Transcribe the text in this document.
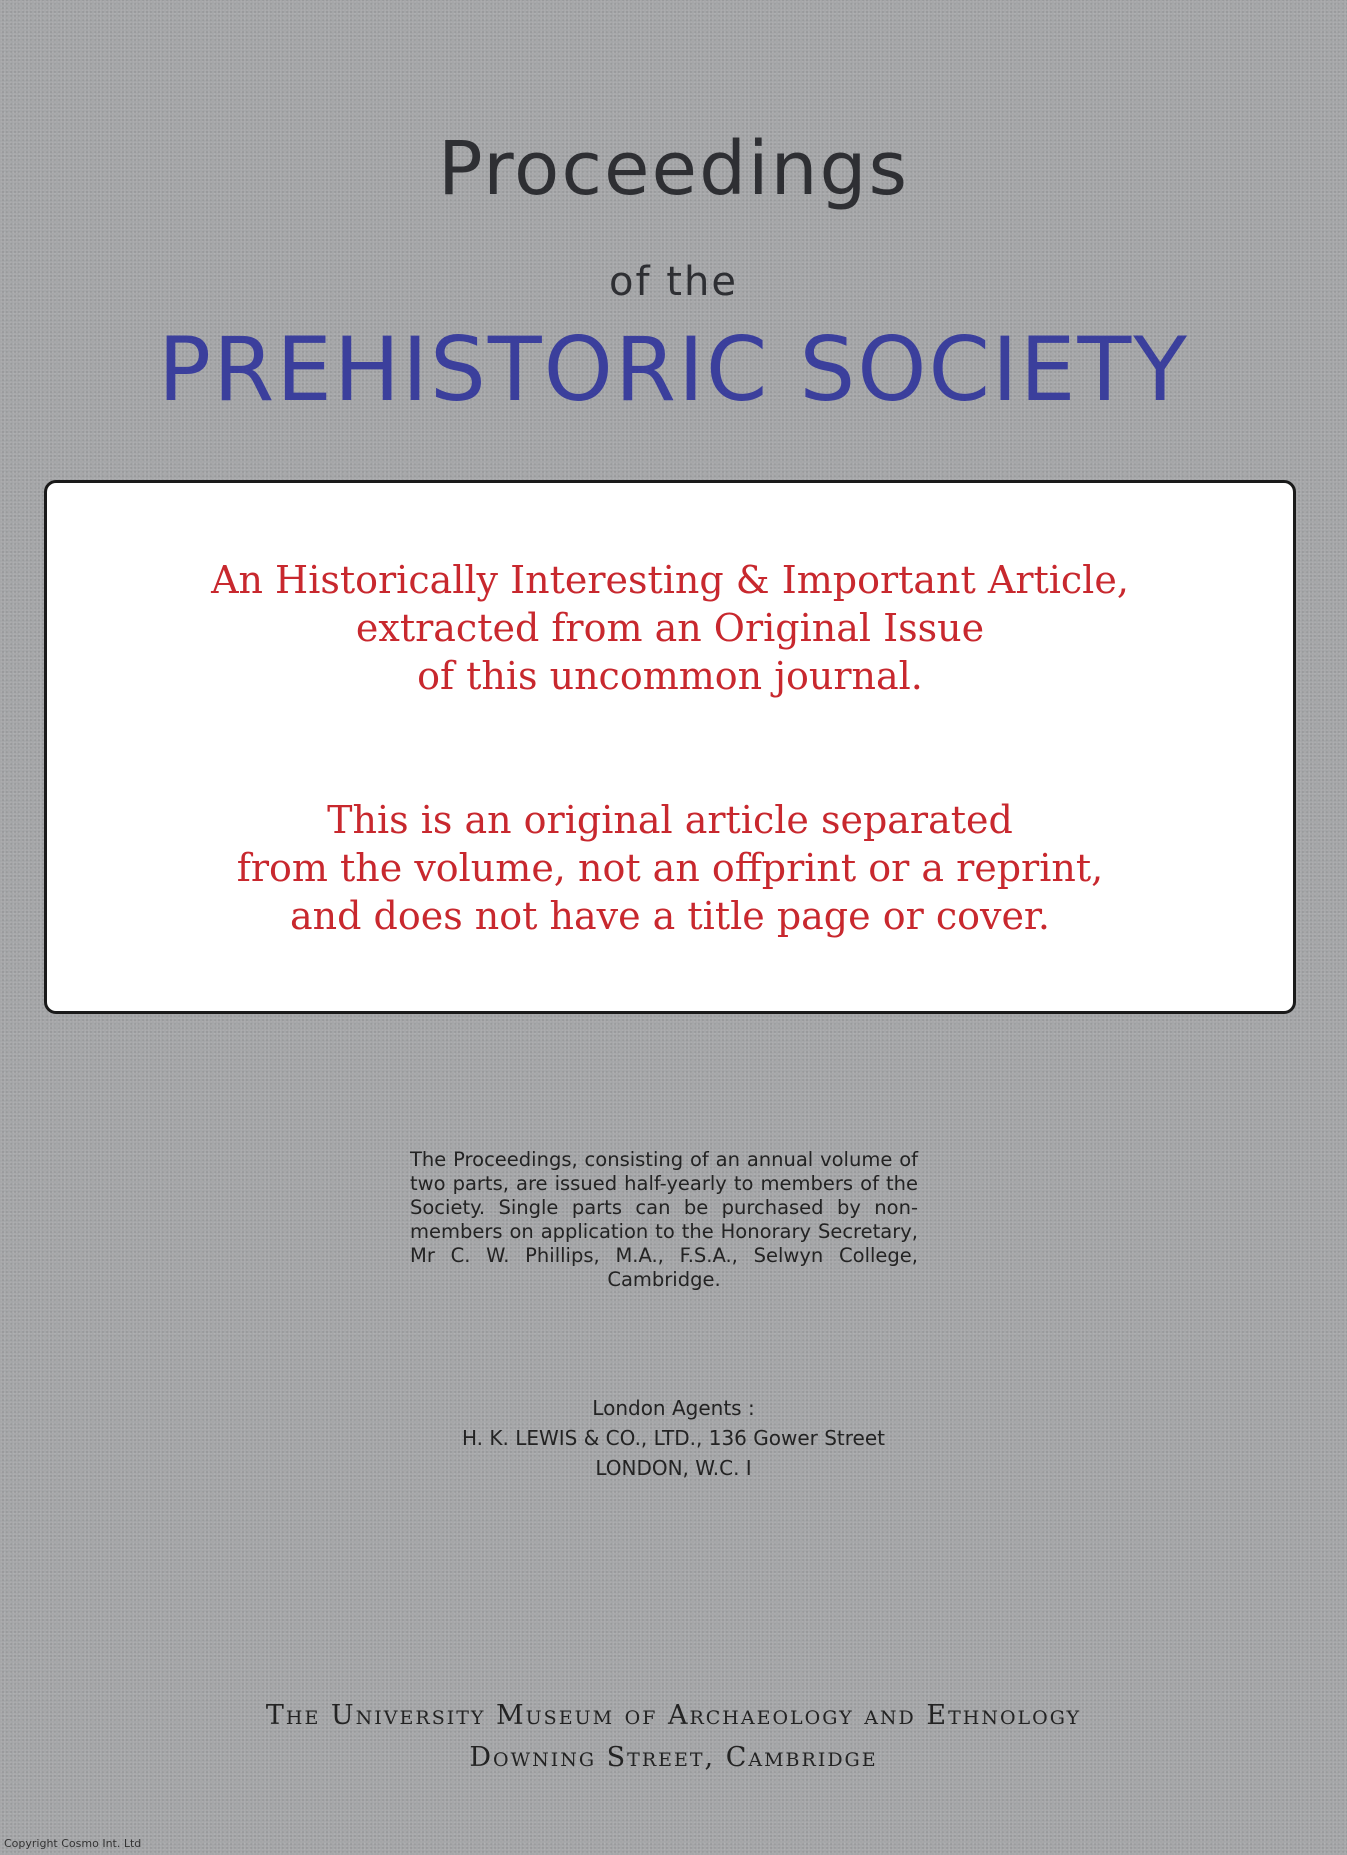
Proceedings
of the
PREHISTORIC SOCIETY
An Historically Interesting & Important Article,
extracted from an Original Issue
of this uncommon journal.
This is an original article separated
from the volume, not an offprint or a reprint,
and does not have a title page or cover.
The Proceedings, consisting of an annual volume of two parts, are issued half-yearly to members of the Society. Single parts can be purchased by non-members on application to the Honorary Secretary, Mr C. W. Phillips, M.A., F.S.A., Selwyn College, Cambridge.
London Agents :
H. K. LEWIS & CO., LTD., 136 Gower Street
LONDON, W.C. I
The University Museum of Archaeology and Ethnology
Downing Street, Cambridge
Copyright Cosmo Int. Ltd
